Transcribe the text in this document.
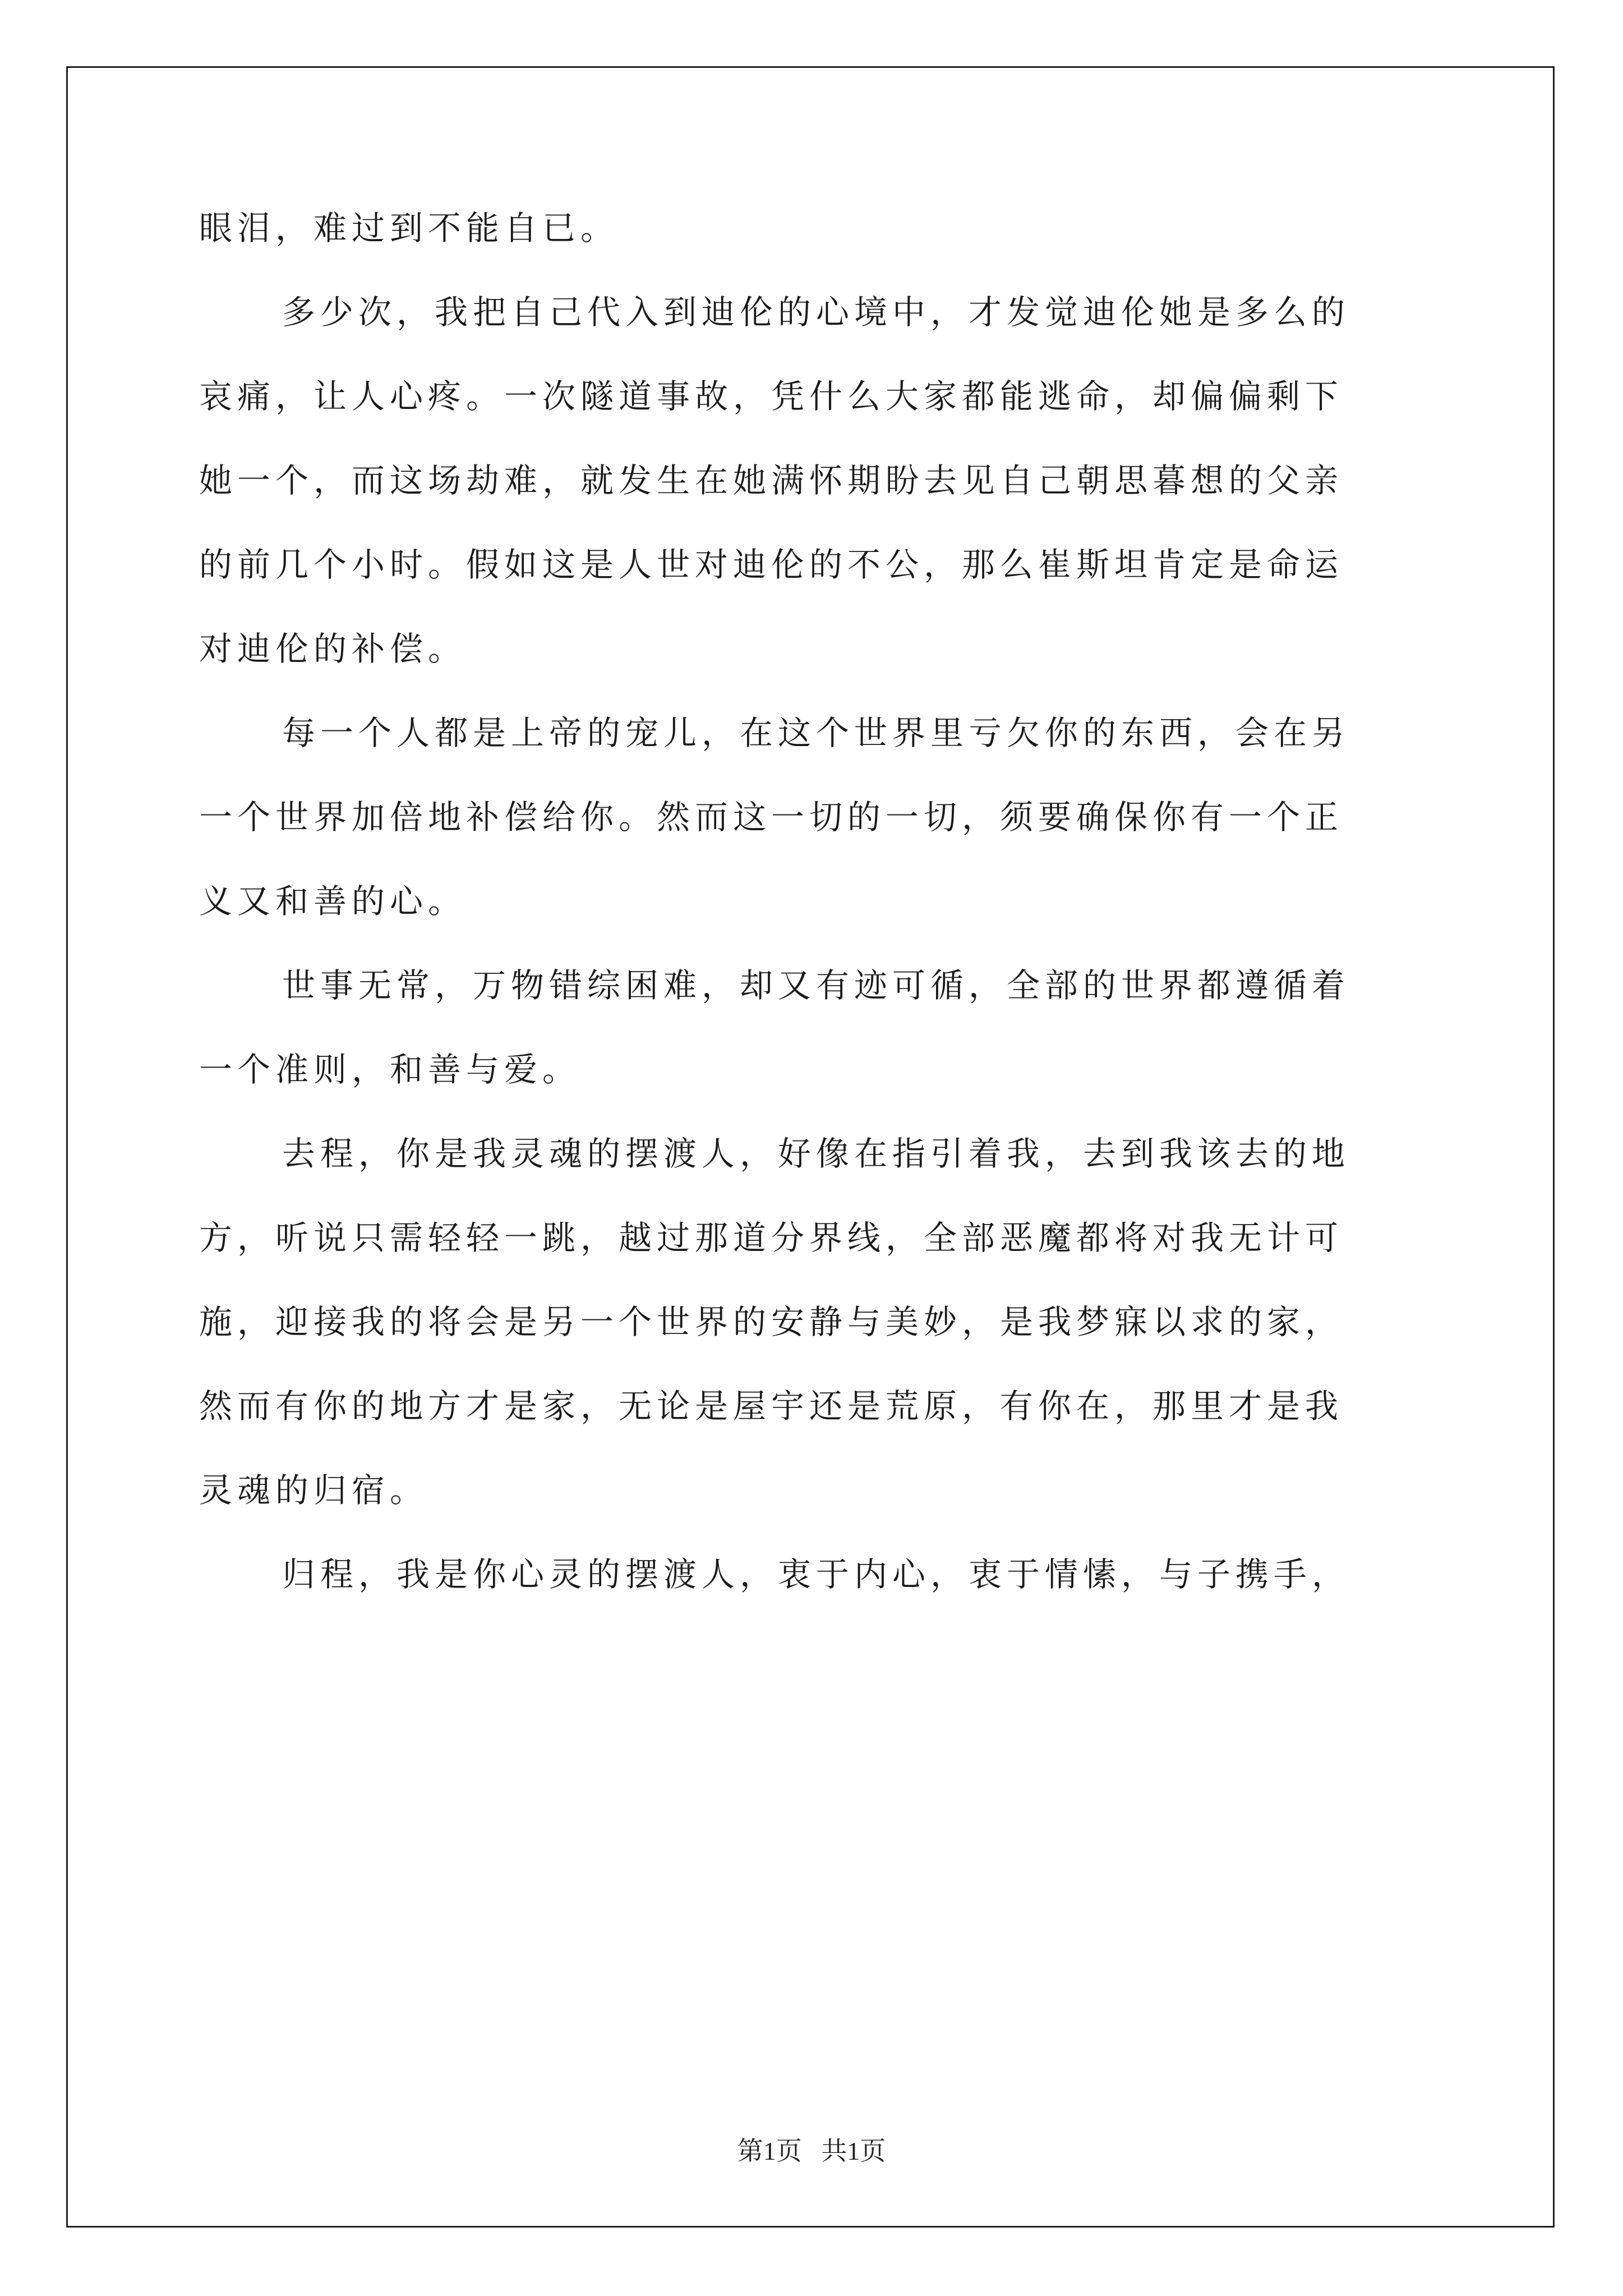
眼泪，难过到不能自已。

多少次，我把自己代入到迪伦的心境中，才发觉迪伦她是多么的

哀痛，让人心疼。一次隧道事故，凭什么大家都能逃命，却偏偏剩下

她一个，而这场劫难，就发生在她满怀期盼去见自己朝思暮想的父亲

的前几个小时。假如这是人世对迪伦的不公，那么崔斯坦肯定是命运

对迪伦的补偿。

每一个人都是上帝的宠儿，在这个世界里亏欠你的东西，会在另

一个世界加倍地补偿给你。然而这一切的一切，须要确保你有一个正

义又和善的心。

世事无常，万物错综困难，却又有迹可循，全部的世界都遵循着

一个准则，和善与爱。

去程，你是我灵魂的摆渡人，好像在指引着我，去到我该去的地

方，听说只需轻轻一跳，越过那道分界线，全部恶魔都将对我无计可

施，迎接我的将会是另一个世界的安静与美妙，是我梦寐以求的家，

然而有你的地方才是家，无论是屋宇还是荒原，有你在，那里才是我

灵魂的归宿。

归程，我是你心灵的摆渡人，衷于内心，衷于情愫，与子携手，

第1页   共1页
